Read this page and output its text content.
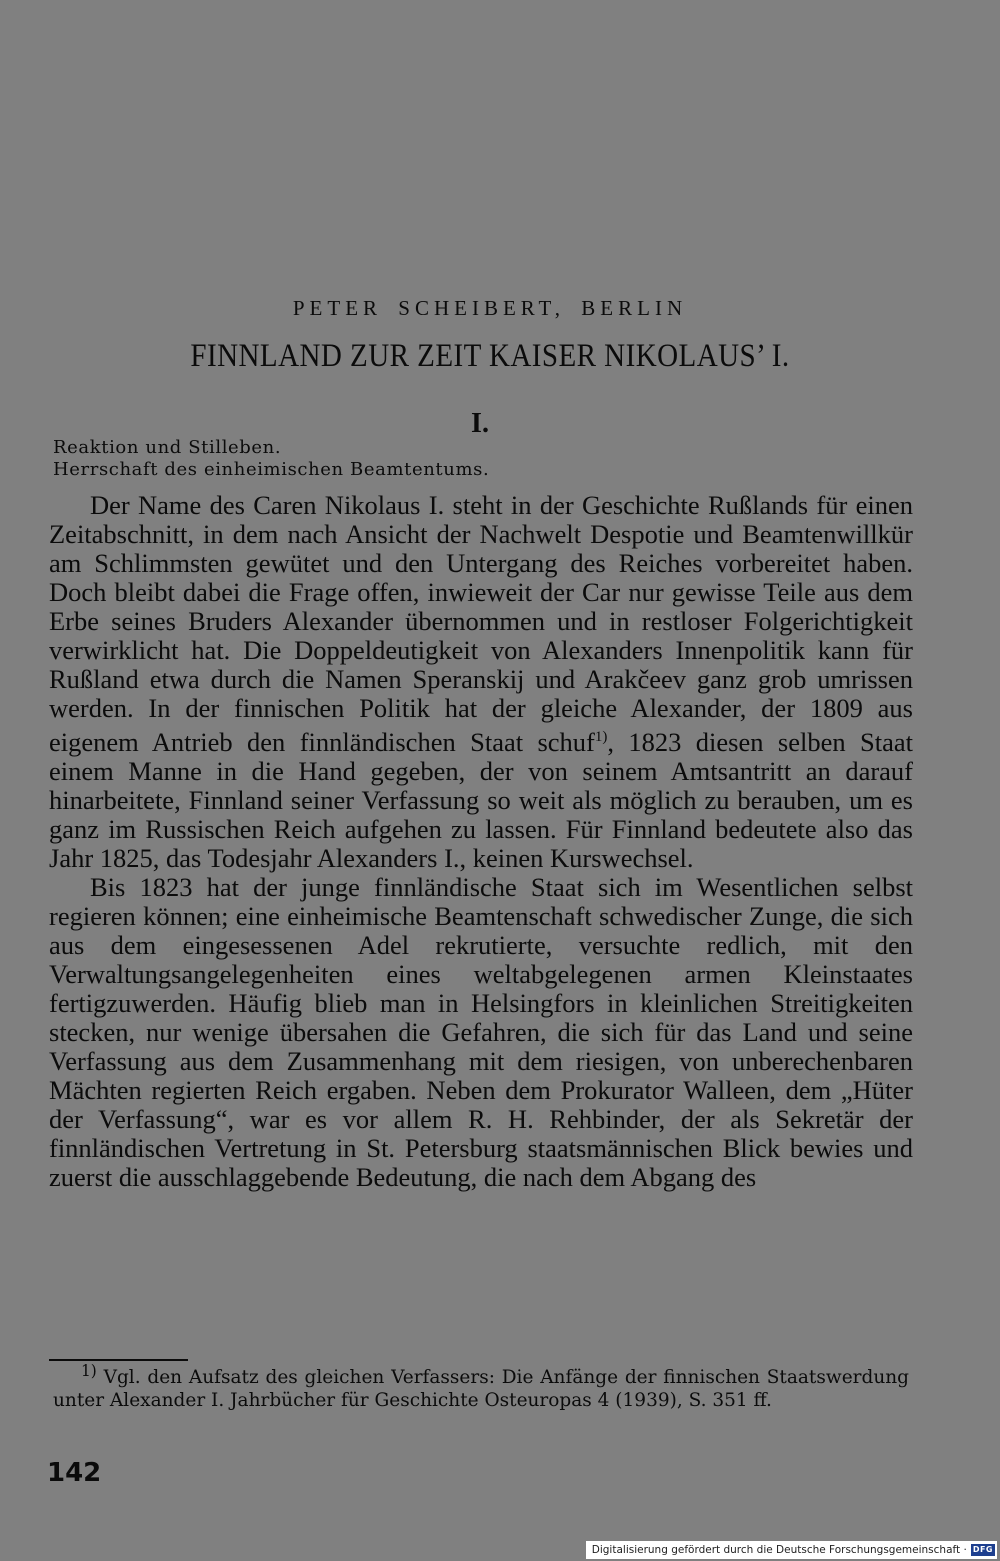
PETER SCHEIBERT, BERLIN
FINNLAND ZUR ZEIT KAISER NIKOLAUS’ I.
I.
Reaktion und Stilleben.
Herrschaft des einheimischen Beamtentums.

Der Name des Caren Nikolaus I. steht in der Geschichte Rußlands für einen Zeitabschnitt, in dem nach Ansicht der Nachwelt Despotie und Beamtenwillkür am Schlimmsten gewütet und den Untergang des Reiches vorbereitet haben. Doch bleibt dabei die Frage offen, inwieweit der Car nur gewisse Teile aus dem Erbe seines Bruders Alexander übernommen und in restloser Folgerichtigkeit verwirklicht hat. Die Doppeldeutigkeit von Alexanders Innenpolitik kann für Rußland etwa durch die Namen Speranskij und Arakčeev ganz grob umrissen werden. In der finnischen Politik hat der gleiche Alexander, der 1809 aus eigenem Antrieb den finnländischen Staat schuf$^{1)}$, 1823 diesen selben Staat einem Manne in die Hand gegeben, der von seinem Amtsantritt an darauf hinarbeitete, Finnland seiner Verfassung so weit als möglich zu berauben, um es ganz im Russischen Reich aufgehen zu lassen. Für Finnland bedeutete also das Jahr 1825, das Todesjahr Alexanders I., keinen Kurswechsel.

Bis 1823 hat der junge finnländische Staat sich im Wesentlichen selbst regieren können; eine einheimische Beamtenschaft schwedischer Zunge, die sich aus dem eingesessenen Adel rekrutierte, versuchte redlich, mit den Verwaltungsangelegenheiten eines weltabgelegenen armen Kleinstaates fertigzuwerden. Häufig blieb man in Helsingfors in kleinlichen Streitigkeiten stecken, nur wenige übersahen die Gefahren, die sich für das Land und seine Verfassung aus dem Zusammenhang mit dem riesigen, von unberechenbaren Mächten regierten Reich ergaben. Neben dem Prokurator Walleen, dem „Hüter der Verfassung“, war es vor allem R. H. Rehbinder, der als Sekretär der finnländischen Vertretung in St. Petersburg staatsmännischen Blick bewies und zuerst die ausschlaggebende Bedeutung, die nach dem Abgang des

$^{1)}$ Vgl. den Aufsatz des gleichen Verfassers: Die Anfänge der finnischen Staatswerdung unter Alexander I. Jahrbücher für Geschichte Osteuropas 4 (1939), S. 351 ff.
142
Digitalisierung gefördert durch die Deutsche Forschungsgemeinschaft · DFG
